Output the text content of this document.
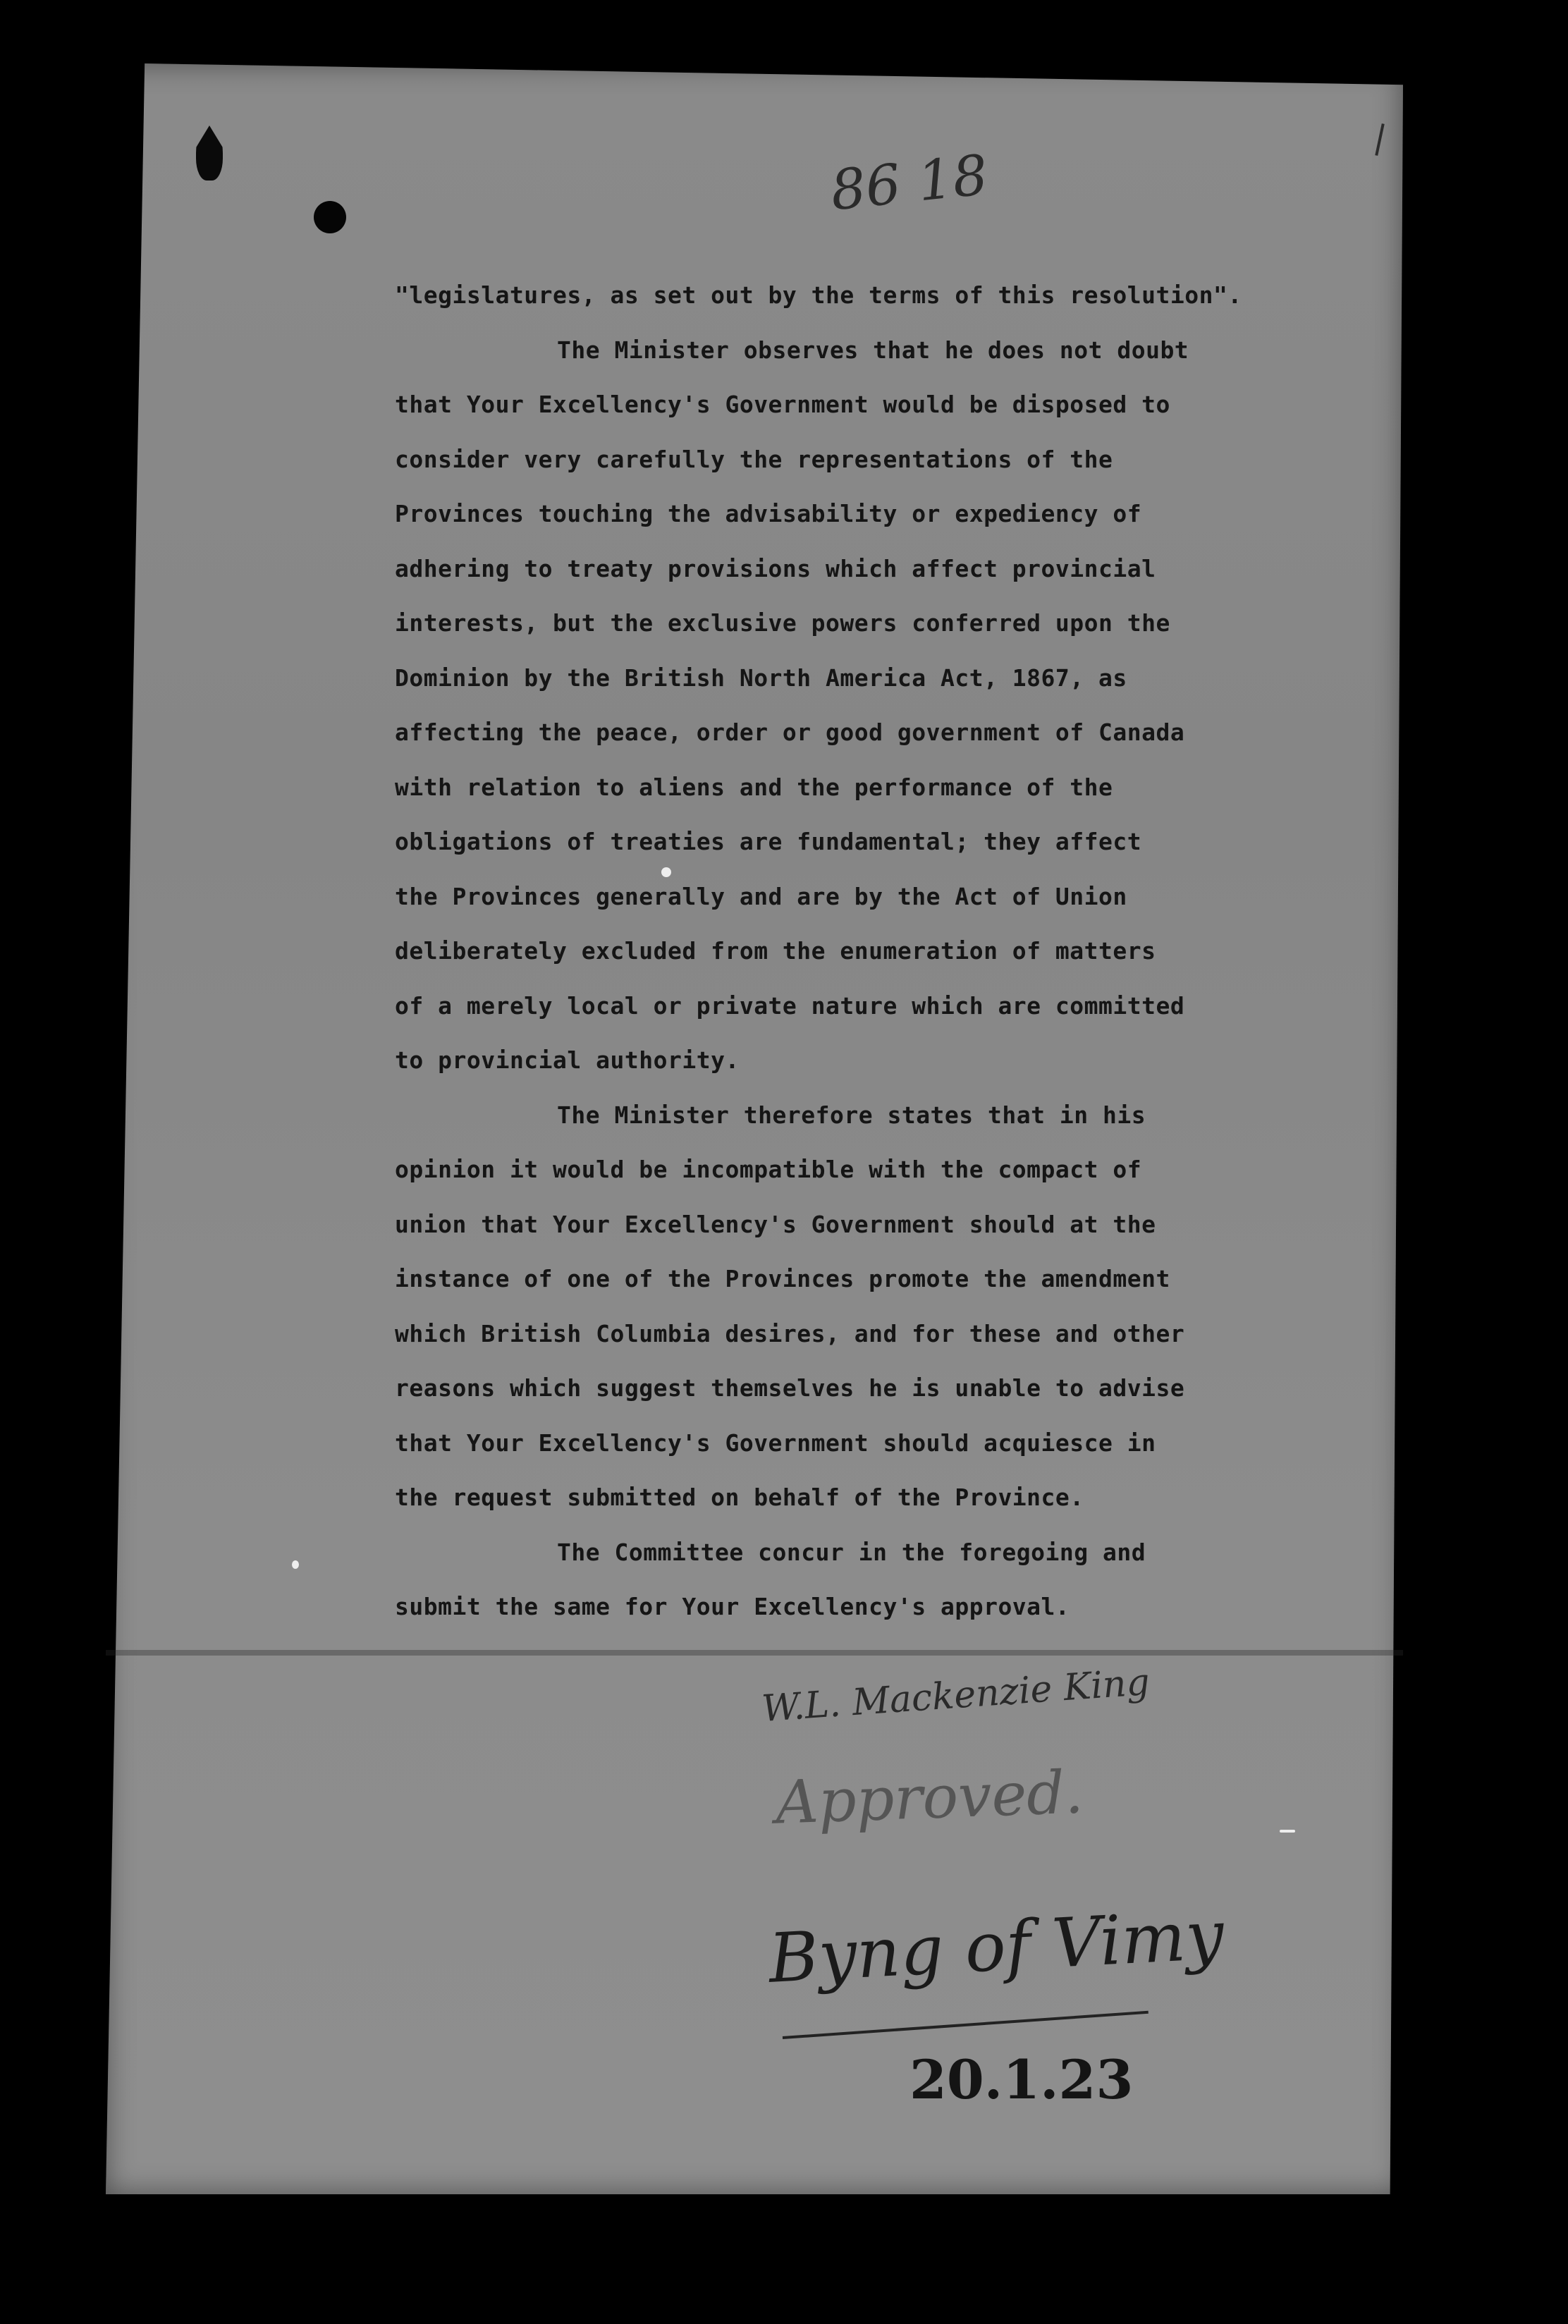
86 18
"legislatures, as set out by the terms of this resolution".
The Minister observes that he does not doubt
that Your Excellency's Government would be disposed to
consider very carefully the representations of the
Provinces touching the advisability or expediency of
adhering to treaty provisions which affect provincial
interests, but the exclusive powers conferred upon the
Dominion by the British North America Act, 1867, as
affecting the peace, order or good government of Canada
with relation to aliens and the performance of the
obligations of treaties are fundamental; they affect
the Provinces generally and are by the Act of Union
deliberately excluded from the enumeration of matters
of a merely local or private nature which are committed
to provincial authority.
The Minister therefore states that in his
opinion it would be incompatible with the compact of
union that Your Excellency's Government should at the
instance of one of the Provinces promote the amendment
which British Columbia desires, and for these and other
reasons which suggest themselves he is unable to advise
that Your Excellency's Government should acquiesce in
the request submitted on behalf of the Province.
The Committee concur in the foregoing and
submit the same for Your Excellency's approval.
W.L. Mackenzie King
Approved.
Byng of Vimy
20.1.23
